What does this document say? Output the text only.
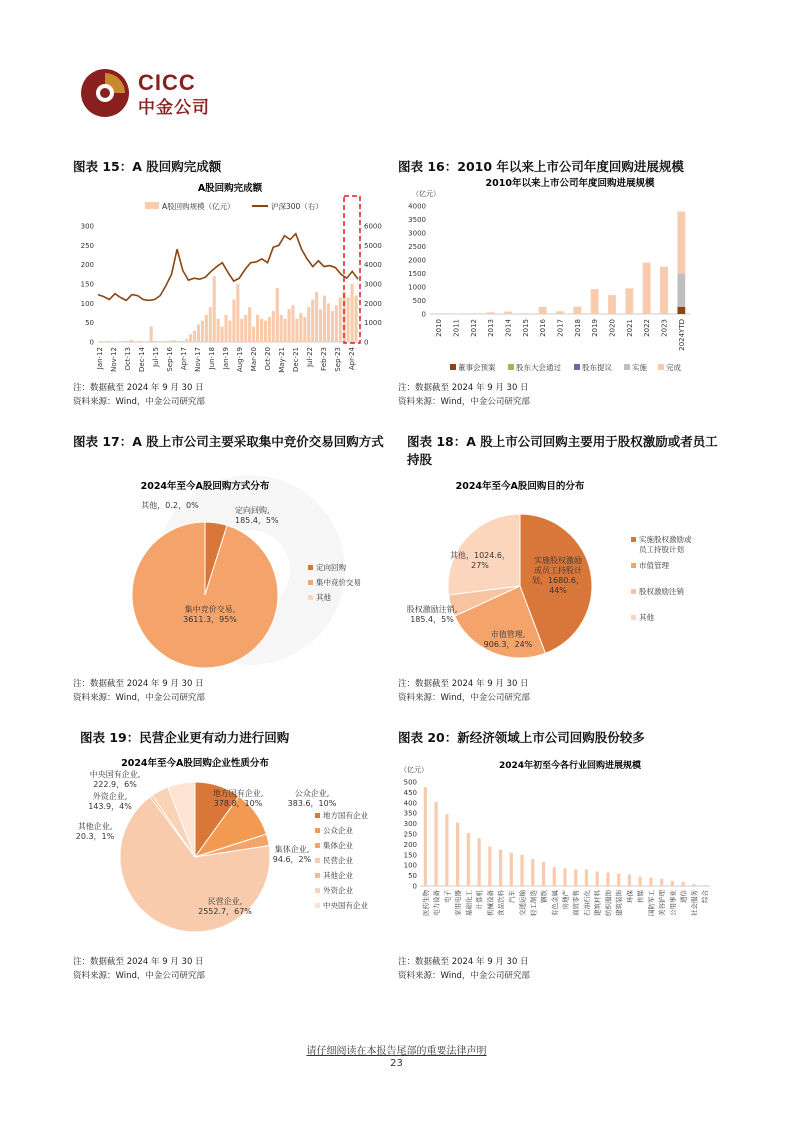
CICC
中金公司
图表 15：A 股回购完成额	图表 16：2010 年以来上市公司年度回购进展规模
图表 17：A 股上市公司主要采取集中竞价交易回购方式 图表 18：A 股上市公司回购主要用于股权激励或者员工
持股
图表 19：民营企业更有动力进行回购	图表 20：新经济领域上市公司回购股份较多
A股回购完成额
A股回购规模（亿元）	沪深300（右）
0
50
100
150
200
250
300
0
1000
2000
3000
4000
5000
6000
Jan-12 Nov-12 Oct-13 Dec-14 Jul-15 Sep-16 Apr-17 Nov-17 Jun-18 Jan-19 Aug-19 Mar-20 Oct-20 May-21 Dec-21 Jul-22 Feb-23 Sep-23 Apr-24
2010年以来上市公司年度回购进展规模
（亿元）
0
500
1000
1500
2000
2500
3000
3500
4000
2010 2011 2012 2013 2014 2015 2016 2017 2018 2019 2020 2021 2022 2023 2024YTD
董事会预案	股东大会通过	股东提议	实施	完成
2024年至今A股回购方式分布
定向回购, 185.4，5%
集中竞价交易, 3611.3，95%
其他，0.2，0%
定向回购
集中竞价交易
其他
2024年至今A股回购目的分布
实施股权激励或员工持股计划，1680.6， 44%
市值管理, 906.3，24%
股权激励注销, 185.4，5%
其他，1024.6， 27%
实施股权激励或员工持股计划
市值管理
股权激励注销
其他
2024年至今A股回购企业性质分布
地方国有企业, 378.8，10%
公众企业, 383.6，10%
集体企业, 94.6，2%
民营企业, 2552.7，67%
其他企业, 20.3，1%
外资企业, 143.9，4%
中央国有企业, 222.9，6%
地方国有企业
公众企业
集体企业
民营企业
其他企业
外资企业
中央国有企业
2024年初至今各行业回购进展规模
（亿元）
0
50
100
150
200
250
300
350
400
450
500
医药生物 电力设备 电子 家用电器 基础化工 计算机 机械设备 食品饮料 汽车 交通运输 轻工制造 钢铁 有色金属 房地产 商贸零售 石油石化 建筑材料 纺织服饰 建筑装饰 环保 传媒 国防军工 美容护理 公用事业 通信 社会服务 综合
注：数据截至 2024 年 9 月 30 日
资料来源：Wind，中金公司研究部
注：数据截至 2024 年 9 月 30 日
资料来源：Wind，中金公司研究部
注：数据截至 2024 年 9 月 30 日
资料来源：Wind，中金公司研究部
注：数据截至 2024 年 9 月 30 日
资料来源：Wind，中金公司研究部
注：数据截至 2024 年 9 月 30 日
资料来源：Wind，中金公司研究部
注：数据截至 2024 年 9 月 30 日
资料来源：Wind，中金公司研究部
请仔细阅读在本报告尾部的重要法律声明
23
